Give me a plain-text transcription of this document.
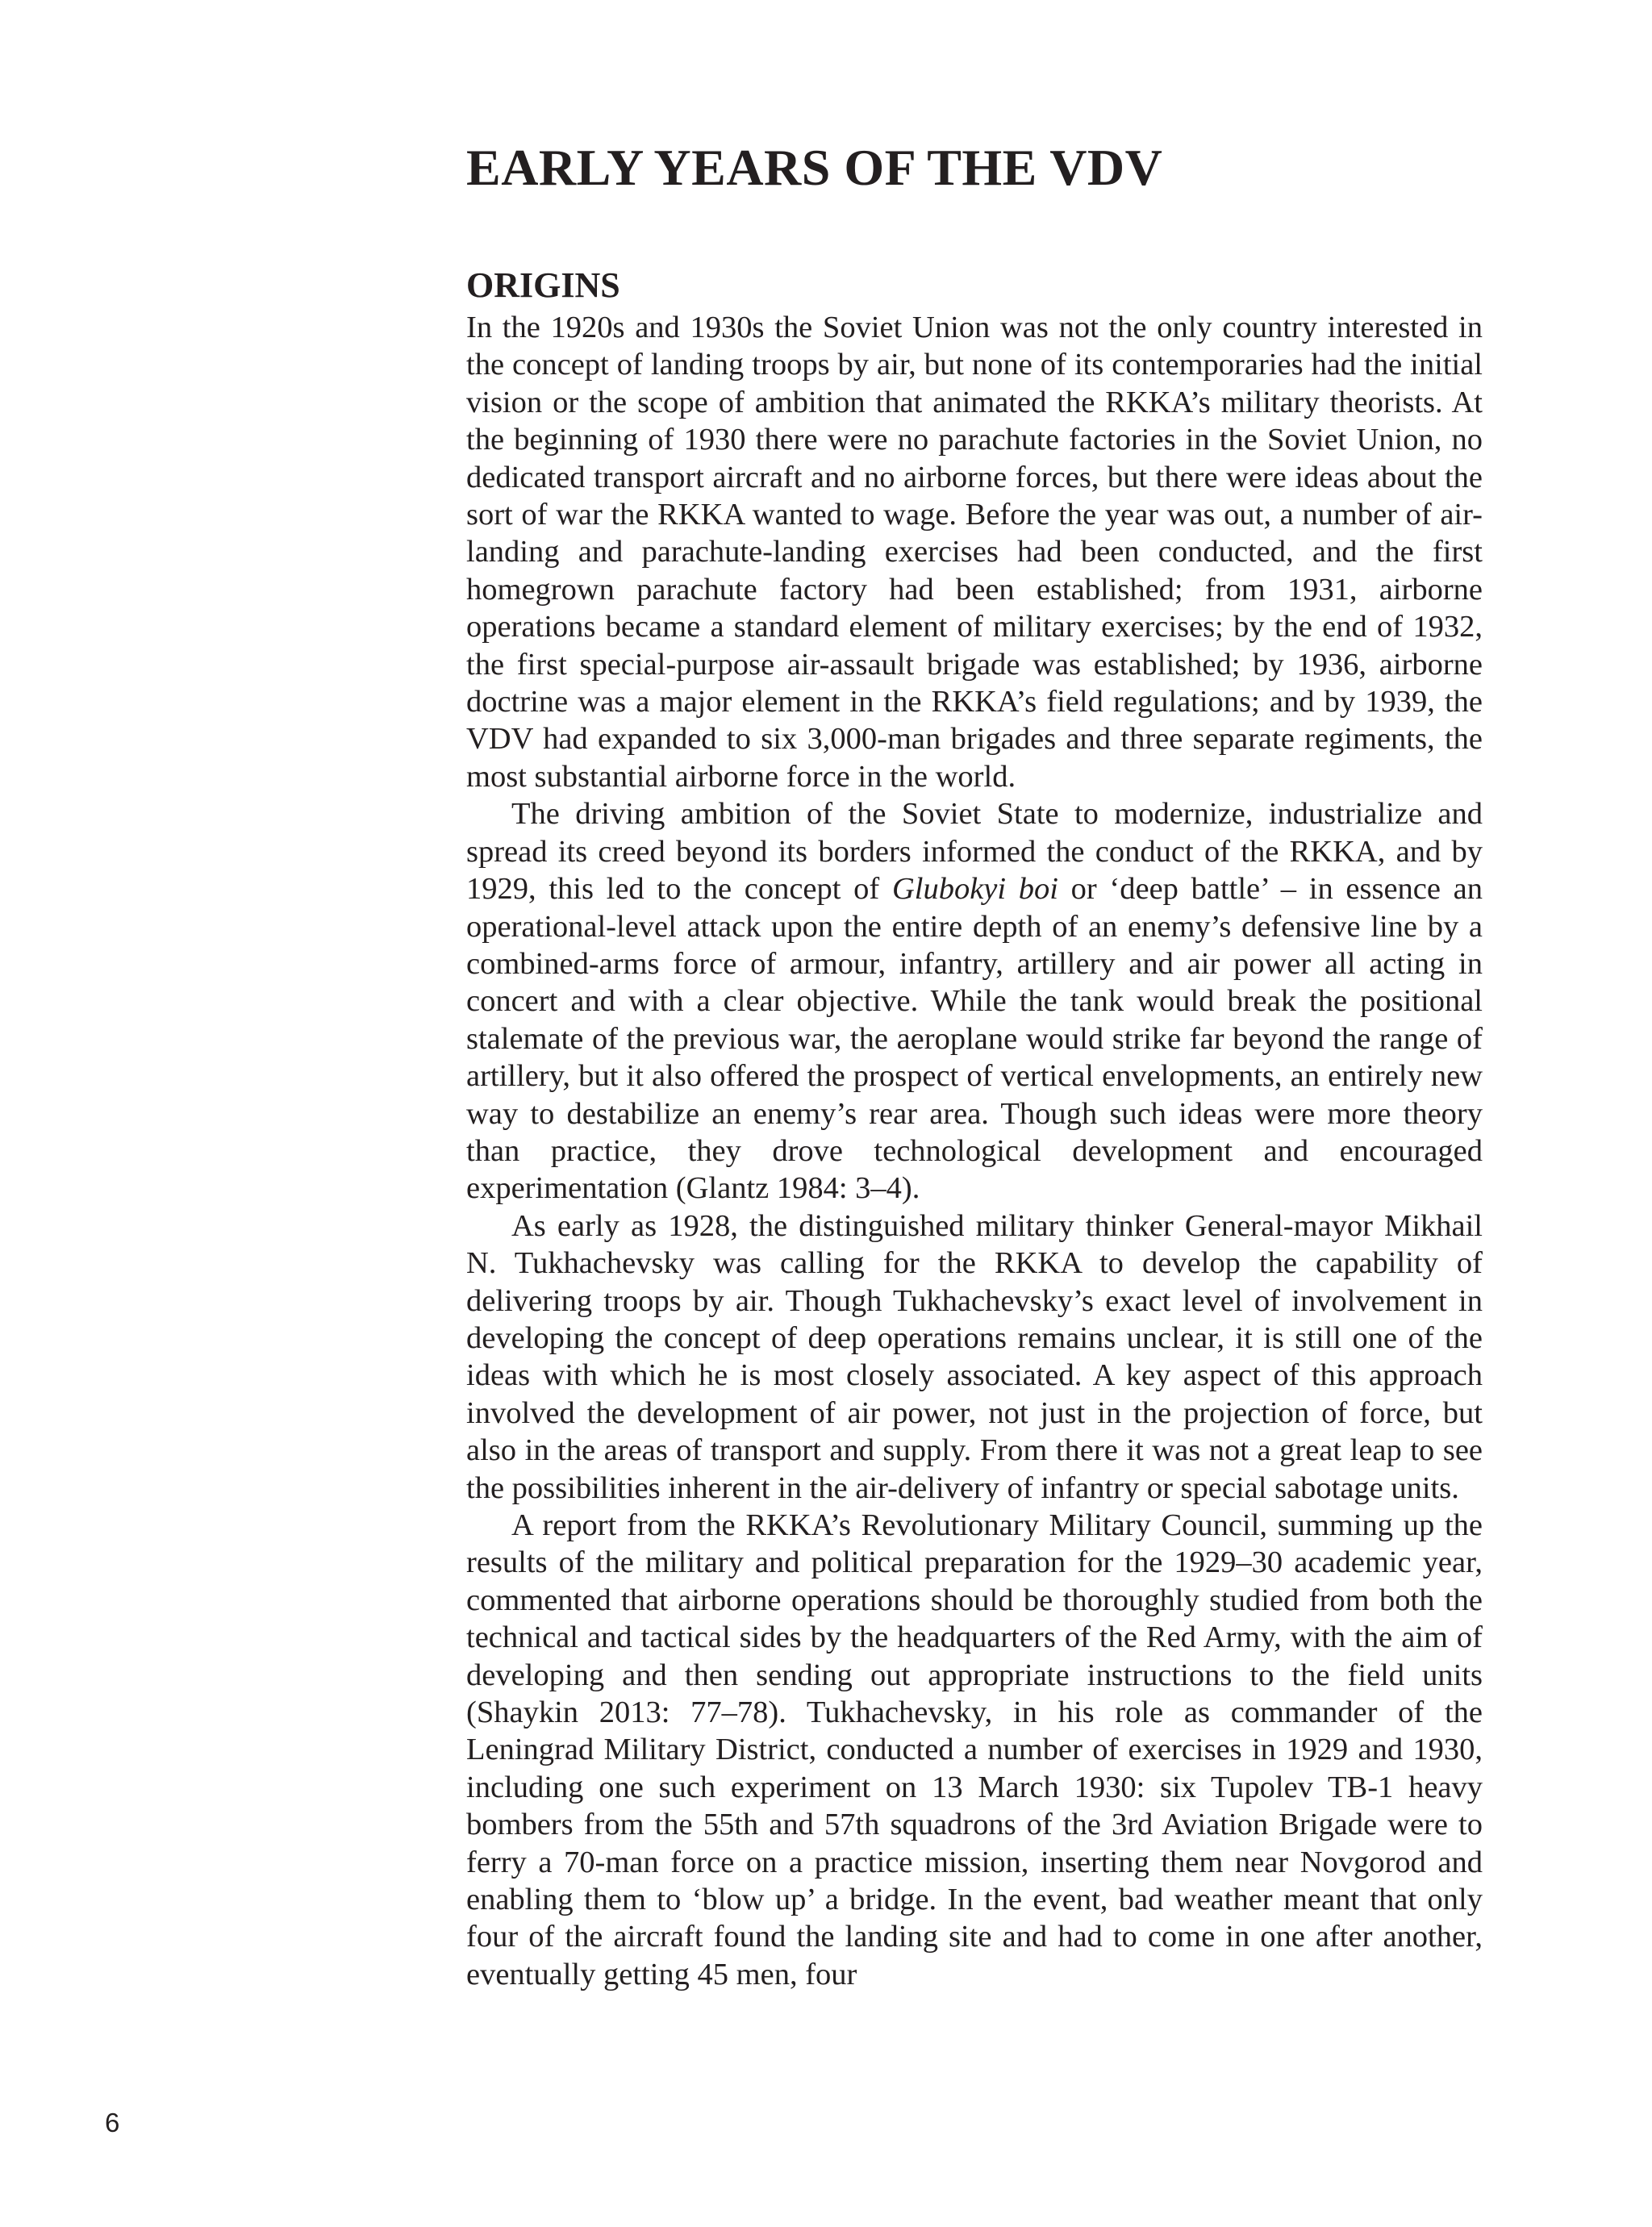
EARLY YEARS OF THE VDV
ORIGINS

In the 1920s and 1930s the Soviet Union was not the only country interested in the concept of landing troops by air, but none of its contemporaries had the initial vision or the scope of ambition that animated the RKKA’s military theorists. At the beginning of 1930 there were no parachute factories in the Soviet Union, no dedicated transport aircraft and no airborne forces, but there were ideas about the sort of war the RKKA wanted to wage. Before the year was out, a number of air-landing and parachute-landing exercises had been conducted, and the first homegrown parachute factory had been established; from 1931, airborne operations became a standard element of military exercises; by the end of 1932, the first special-purpose air-assault brigade was established; by 1936, airborne doctrine was a major element in the RKKA’s field regulations; and by 1939, the VDV had expanded to six 3,000-man brigades and three separate regiments, the most substantial airborne force in the world.

The driving ambition of the Soviet State to modernize, industrialize and spread its creed beyond its borders informed the conduct of the RKKA, and by 1929, this led to the concept of Glubokyi boi or ‘deep battle’ – in essence an operational-level attack upon the entire depth of an enemy’s defensive line by a combined-arms force of armour, infantry, artillery and air power all acting in concert and with a clear objective. While the tank would break the positional stalemate of the previous war, the aeroplane would strike far beyond the range of artillery, but it also offered the prospect of vertical envelopments, an entirely new way to destabilize an enemy’s rear area. Though such ideas were more theory than practice, they drove technological development and encouraged experimentation (Glantz 1984: 3–4).

As early as 1928, the distinguished military thinker General-mayor Mikhail N. Tukhachevsky was calling for the RKKA to develop the capability of delivering troops by air. Though Tukhachevsky’s exact level of involvement in developing the concept of deep operations remains unclear, it is still one of the ideas with which he is most closely associated. A key aspect of this approach involved the development of air power, not just in the projection of force, but also in the areas of transport and supply. From there it was not a great leap to see the possibilities inherent in the air-delivery of infantry or special sabotage units.

A report from the RKKA’s Revolutionary Military Council, summing up the results of the military and political preparation for the 1929–30 academic year, commented that airborne operations should be thoroughly studied from both the technical and tactical sides by the headquarters of the Red Army, with the aim of developing and then sending out appropriate instructions to the field units (Shaykin 2013: 77–78). Tukhachevsky, in his role as commander of the Leningrad Military District, conducted a number of exercises in 1929 and 1930, including one such experiment on 13 March 1930: six Tupolev TB-1 heavy bombers from the 55th and 57th squadrons of the 3rd Aviation Brigade were to ferry a 70-man force on a practice mission, inserting them near Novgorod and enabling them to ‘blow up’ a bridge. In the event, bad weather meant that only four of the aircraft found the landing site and had to come in one after another, eventually getting 45 men, four

6
